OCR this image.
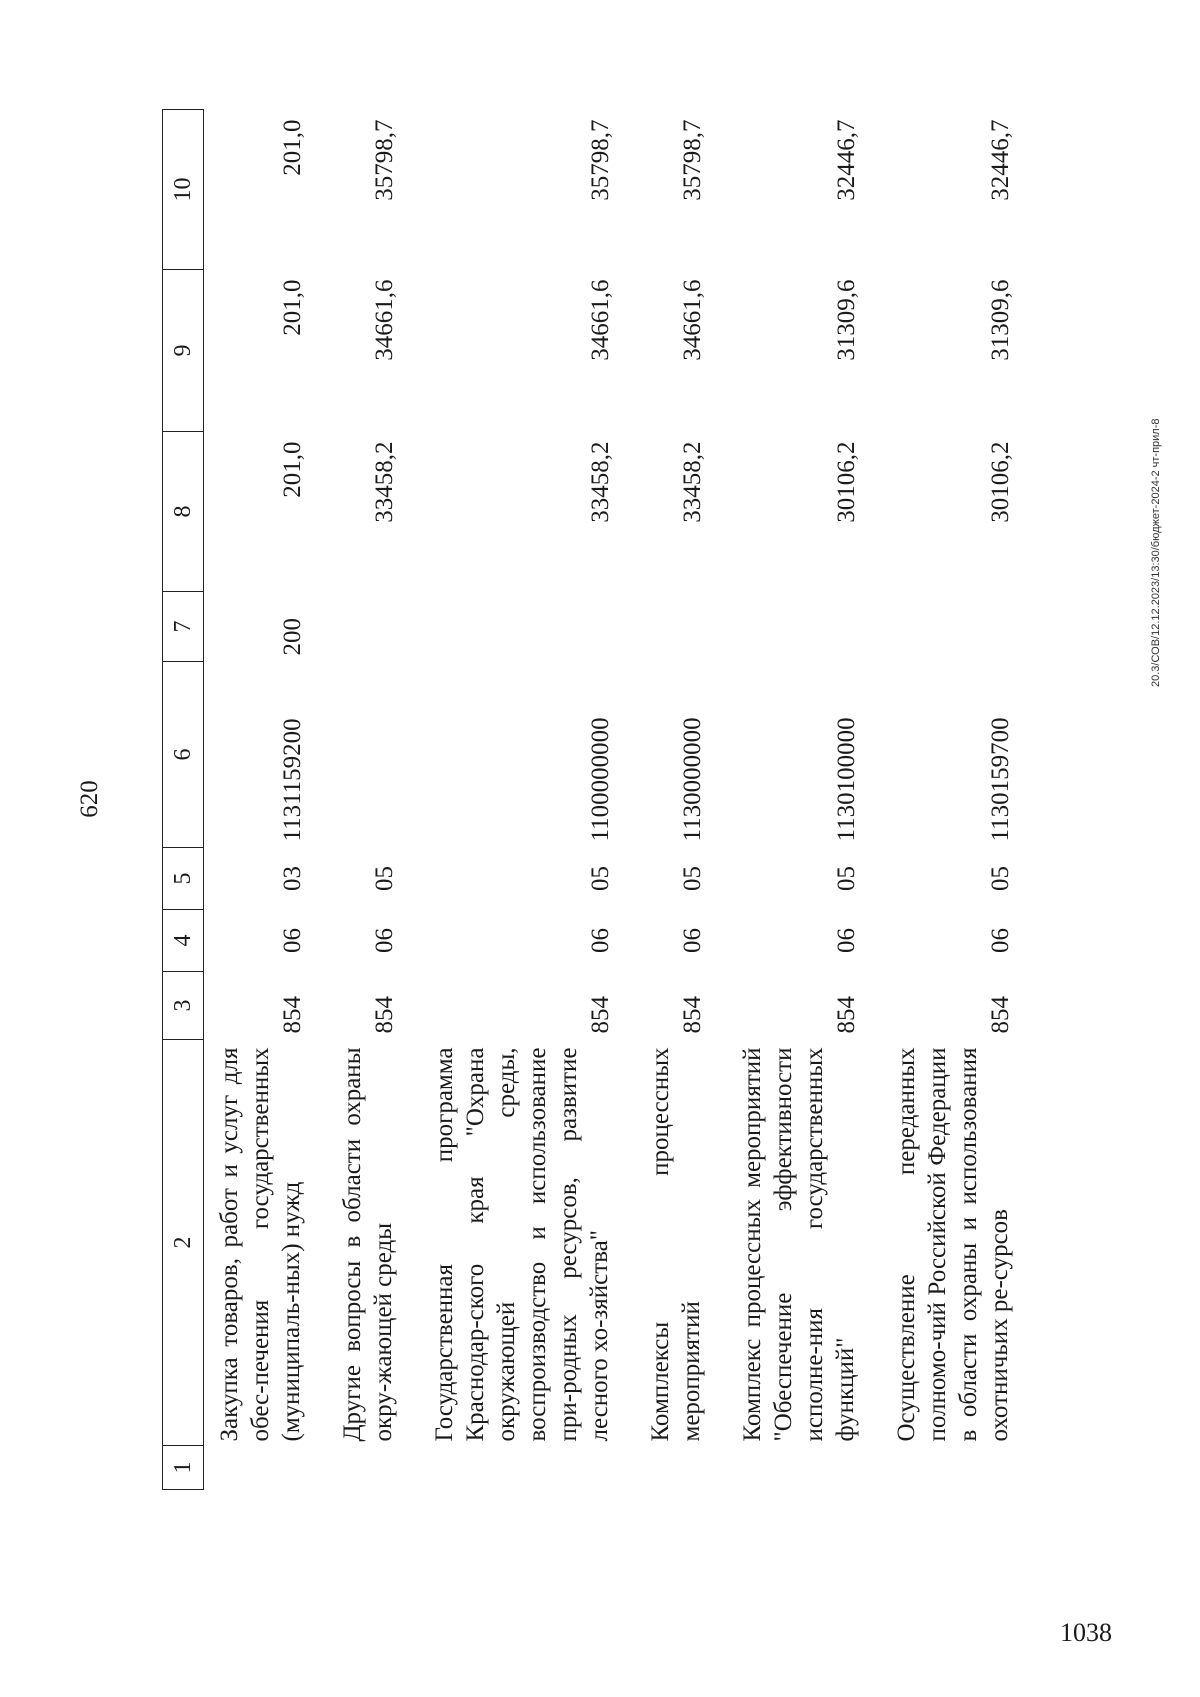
620
1	2	3	4	5	6	7	8	9	10
	Закупка товаров, работ и услуг для обес-печения государственных (муниципаль-ных) нужд	854	06	03	1131159200	200	201,0	201,0	201,0
	Другие вопросы в области охраны окру-жающей среды	854	06	05			33458,2	34661,6	35798,7
	Государственная программа Краснодар-ского края "Охрана окружающей среды, воспроизводство и использование при-родных ресурсов, развитие лесного хо-зяйства"	854	06	05	1100000000		33458,2	34661,6	35798,7
	Комплексы процессных мероприятий	854	06	05	1130000000		33458,2	34661,6	35798,7
	Комплекс процессных мероприятий "Обеспечение эффективности исполне-ния государственных функций"	854	06	05	1130100000		30106,2	31309,6	32446,7
	Осуществление переданных полномо-чий Российской Федерации в области охраны и использования охотничьих ре-сурсов	854	06	05	1130159700		30106,2	31309,6	32446,7
20.3/СОВ/12.12.2023/13:30/бюджет-2024-2 чт-прил-8
1038
